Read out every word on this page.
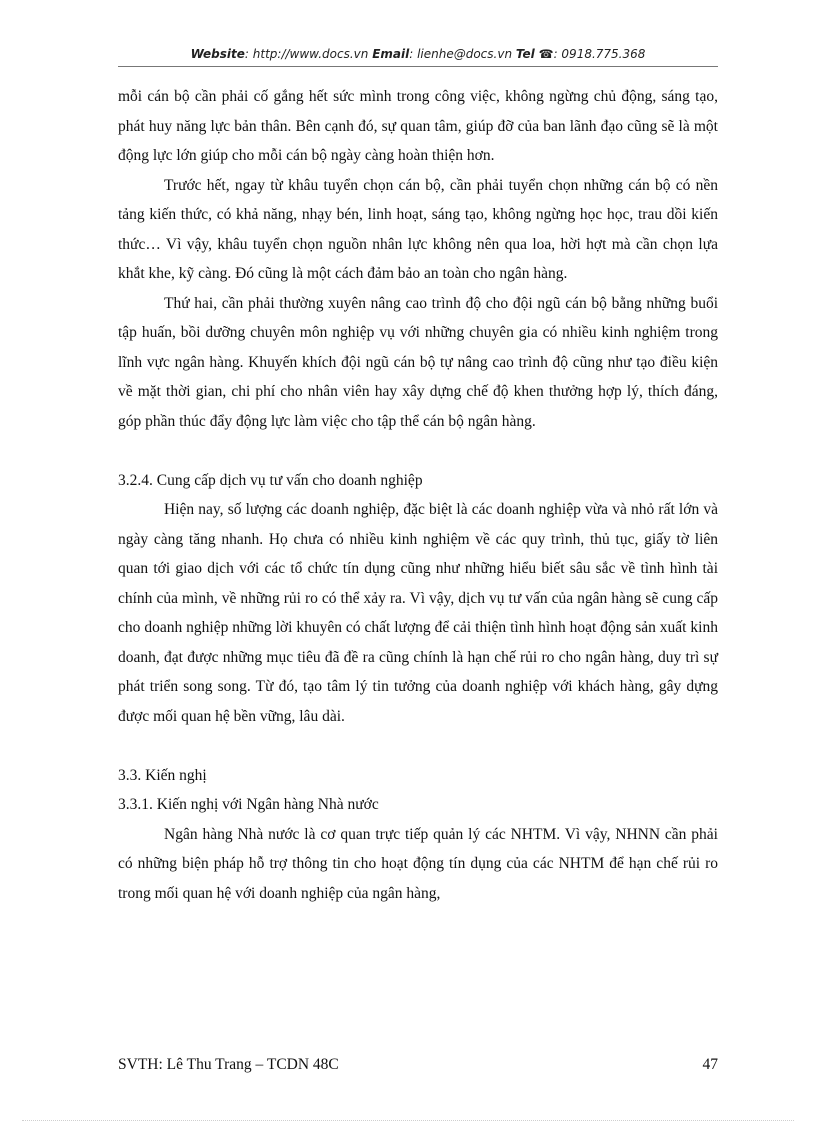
Website: http://www.docs.vn Email: lienhe@docs.vn Tel ☎: 0918.775.368

mỗi cán bộ cần phải cố gắng hết sức mình trong công việc, không ngừng chủ động, sáng tạo, phát huy năng lực bản thân. Bên cạnh đó, sự quan tâm, giúp đỡ của ban lãnh đạo cũng sẽ là một động lực lớn giúp cho mỗi cán bộ ngày càng hoàn thiện hơn.

Trước hết, ngay từ khâu tuyển chọn cán bộ, cần phải tuyển chọn những cán bộ có nền tảng kiến thức, có khả năng, nhạy bén, linh hoạt, sáng tạo, không ngừng học học, trau dồi kiến thức… Vì vậy, khâu tuyển chọn nguồn nhân lực không nên qua loa, hời hợt mà cần chọn lựa khắt khe, kỹ càng. Đó cũng là một cách đảm bảo an toàn cho ngân hàng.

Thứ hai, cần phải thường xuyên nâng cao trình độ cho đội ngũ cán bộ bằng những buổi tập huấn, bồi dưỡng chuyên môn nghiệp vụ với những chuyên gia có nhiều kinh nghiệm trong lĩnh vực ngân hàng. Khuyến khích đội ngũ cán bộ tự nâng cao trình độ cũng như tạo điều kiện về mặt thời gian, chi phí cho nhân viên hay xây dựng chế độ khen thưởng hợp lý, thích đáng, góp phần thúc đẩy động lực làm việc cho tập thể cán bộ ngân hàng.

3.2.4. Cung cấp dịch vụ tư vấn cho doanh nghiệp

Hiện nay, số lượng các doanh nghiệp, đặc biệt là các doanh nghiệp vừa và nhỏ rất lớn và ngày càng tăng nhanh. Họ chưa có nhiều kinh nghiệm về các quy trình, thủ tục, giấy tờ liên quan tới giao dịch với các tổ chức tín dụng cũng như những hiểu biết sâu sắc về tình hình tài chính của mình, về những rủi ro có thể xảy ra. Vì vậy, dịch vụ tư vấn của ngân hàng sẽ cung cấp cho doanh nghiệp những lời khuyên có chất lượng để cải thiện tình hình hoạt động sản xuất kinh doanh, đạt được những mục tiêu đã đề ra cũng chính là hạn chế rủi ro cho ngân hàng, duy trì sự phát triển song song. Từ đó, tạo tâm lý tin tưởng của doanh nghiệp với khách hàng, gây dựng được mối quan hệ bền vững, lâu dài.

3.3. Kiến nghị

3.3.1. Kiến nghị với Ngân hàng Nhà nước

Ngân hàng Nhà nước là cơ quan trực tiếp quản lý các NHTM. Vì vậy, NHNN cần phải có những biện pháp hỗ trợ thông tin cho hoạt động tín dụng của các NHTM để hạn chế rủi ro trong mối quan hệ với doanh nghiệp của ngân hàng,

SVTH: Lê Thu Trang – TCDN 48C	47
